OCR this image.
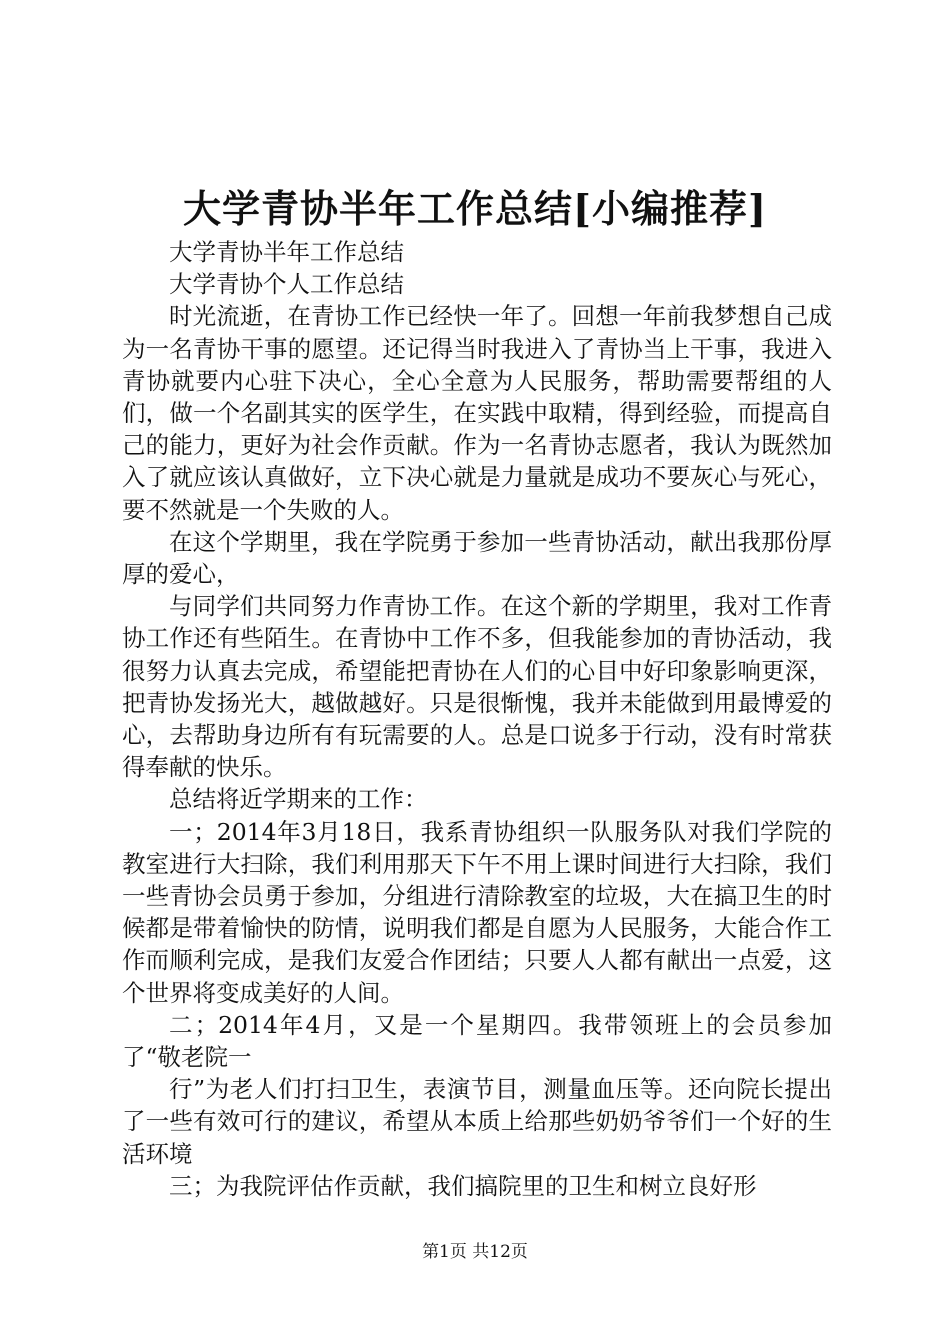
大学青协半年工作总结[小编推荐]

大学青协半年工作总结

大学青协个人工作总结

时光流逝，在青协工作已经快一年了。回想一年前我梦想自己成为一名青协干事的愿望。还记得当时我进入了青协当上干事，我进入青协就要内心驻下决心，全心全意为人民服务，帮助需要帮组的人们，做一个名副其实的医学生，在实践中取精，得到经验，而提高自己的能力，更好为社会作贡献。作为一名青协志愿者，我认为既然加入了就应该认真做好，立下决心就是力量就是成功不要灰心与死心，要不然就是一个失败的人。

在这个学期里，我在学院勇于参加一些青协活动，献出我那份厚厚的爱心，

与同学们共同努力作青协工作。在这个新的学期里，我对工作青协工作还有些陌生。在青协中工作不多，但我能参加的青协活动，我很努力认真去完成，希望能把青协在人们的心目中好印象影响更深，把青协发扬光大，越做越好。只是很惭愧，我并未能做到用最博爱的心，去帮助身边所有有玩需要的人。总是口说多于行动，没有时常获得奉献的快乐。

总结将近学期来的工作：

一；2014年3月18日，我系青协组织一队服务队对我们学院的教室进行大扫除，我们利用那天下午不用上课时间进行大扫除，我们一些青协会员勇于参加，分组进行清除教室的垃圾，大在搞卫生的时候都是带着愉快的防情，说明我们都是自愿为人民服务，大能合作工作而顺利完成，是我们友爱合作团结；只要人人都有献出一点爱，这个世界将变成美好的人间。

二；2014年4月，又是一个星期四。我带领班上的会员参加了“敬老院一

行”为老人们打扫卫生，表演节目，测量血压等。还向院长提出了一些有效可行的建议，希望从本质上给那些奶奶爷爷们一个好的生活环境

三；为我院评估作贡献，我们搞院里的卫生和树立良好形

第1页 共12页
